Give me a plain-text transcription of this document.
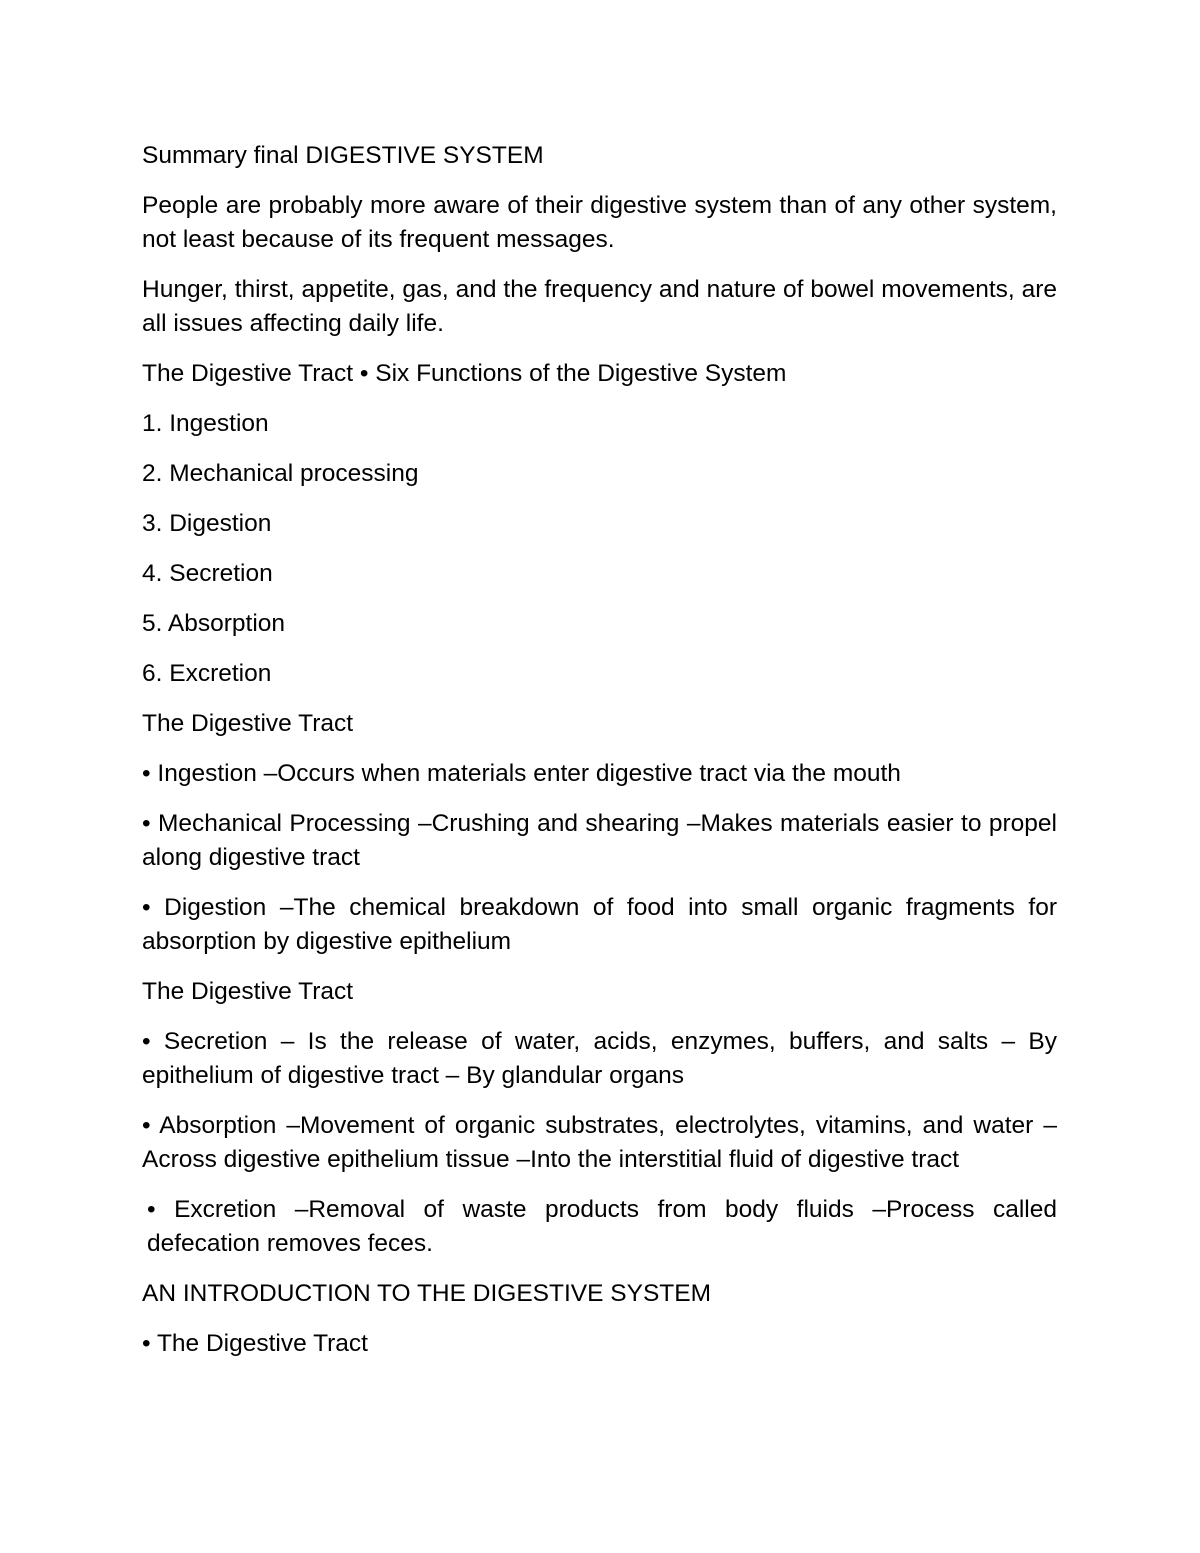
Summary final DIGESTIVE SYSTEM

People are probably more aware of their digestive system than of any other system, not least because of its frequent messages.

Hunger, thirst, appetite, gas, and the frequency and nature of bowel movements, are all issues affecting daily life.

The Digestive Tract • Six Functions of the Digestive System

1. Ingestion

2. Mechanical processing

3. Digestion

4. Secretion

5. Absorption

6. Excretion

The Digestive Tract

• Ingestion –Occurs when materials enter digestive tract via the mouth

• Mechanical Processing –Crushing and shearing –Makes materials easier to propel along digestive tract

• Digestion –The chemical breakdown of food into small organic fragments for absorption by digestive epithelium

The Digestive Tract

• Secretion – Is the release of water, acids, enzymes, buffers, and salts – By epithelium of digestive tract – By glandular organs

• Absorption –Movement of organic substrates, electrolytes, vitamins, and water –Across digestive epithelium tissue –Into the interstitial fluid of digestive tract

• Excretion –Removal of waste products from body fluids –Process called defecation removes feces.

AN INTRODUCTION TO THE DIGESTIVE SYSTEM

• The Digestive Tract
